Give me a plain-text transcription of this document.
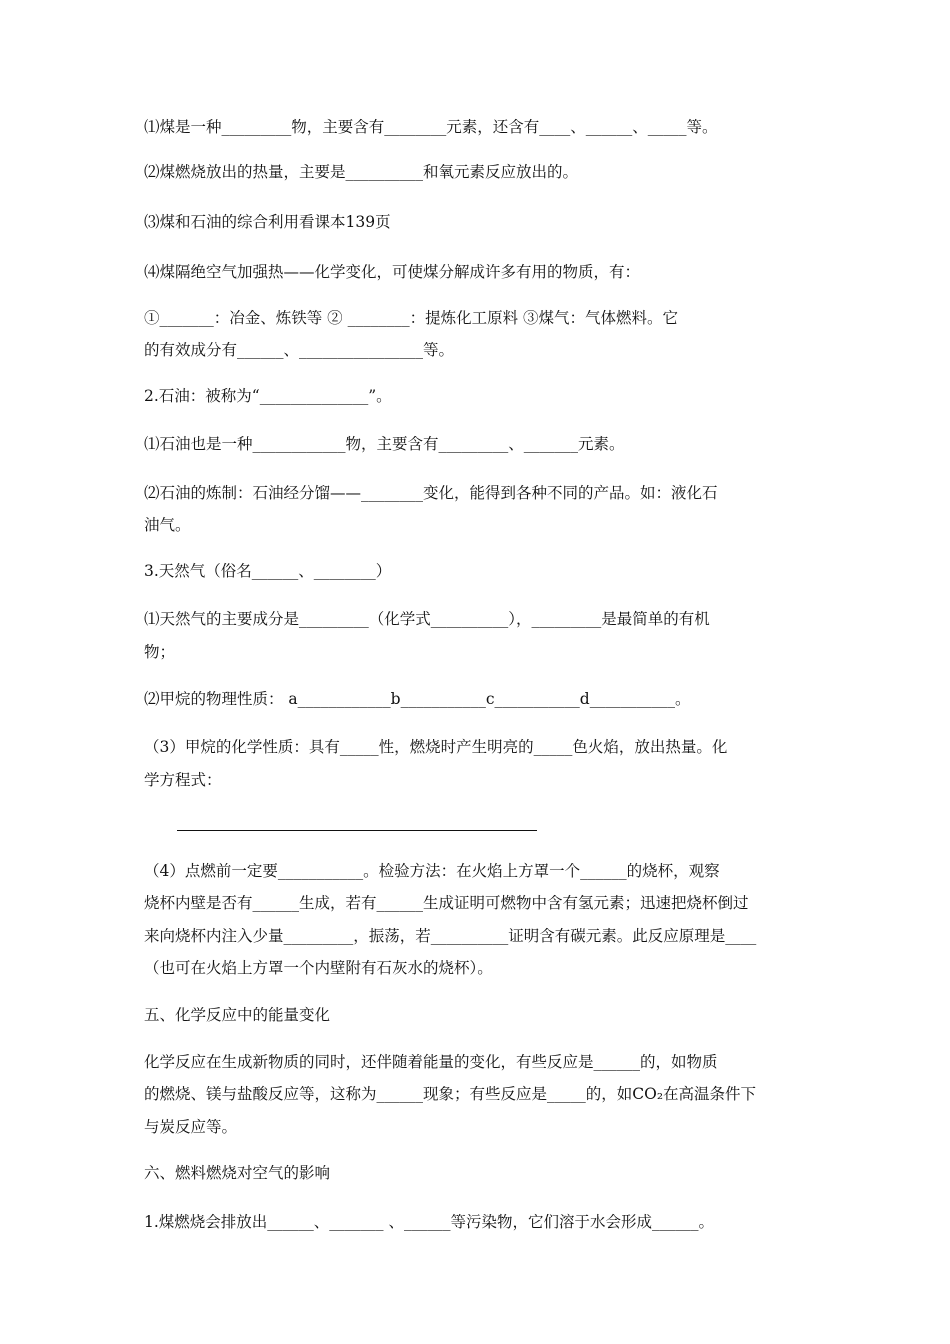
⑴煤是一种_________物，主要含有________元素，还含有____、______、_____等。
⑵煤燃烧放出的热量，主要是__________和氧元素反应放出的。
⑶煤和石油的综合利用看课本139页
⑷煤隔绝空气加强热——化学变化，可使煤分解成许多有用的物质，有：
①_______：冶金、炼铁等 ② ________：提炼化工原料 ③煤气：气体燃料。它
的有效成分有______、________________等。
2.石油：被称为“______________”。
⑴石油也是一种____________物，主要含有_________、_______元素。
⑵石油的炼制：石油经分馏——________变化，能得到各种不同的产品。如：液化石
油气。
3.天然气（俗名______、________）
⑴天然气的主要成分是_________（化学式__________），_________是最简单的有机
物；
⑵甲烷的物理性质： a____________b___________c___________d___________。
（3）甲烷的化学性质：具有_____性，燃烧时产生明亮的_____色火焰，放出热量。化
学方程式：
（4）点燃前一定要___________。检验方法：在火焰上方罩一个______的烧杯，观察
烧杯内壁是否有______生成，若有______生成证明可燃物中含有氢元素；迅速把烧杯倒过
来向烧杯内注入少量_________，振荡，若__________证明含有碳元素。此反应原理是____
（也可在火焰上方罩一个内壁附有石灰水的烧杯）。
五、化学反应中的能量变化
化学反应在生成新物质的同时，还伴随着能量的变化，有些反应是______的，如物质
的燃烧、镁与盐酸反应等，这称为______现象；有些反应是_____的，如CO₂在高温条件下
与炭反应等。
六、燃料燃烧对空气的影响
1.煤燃烧会排放出______、_______ 、______等污染物，它们溶于水会形成______。
